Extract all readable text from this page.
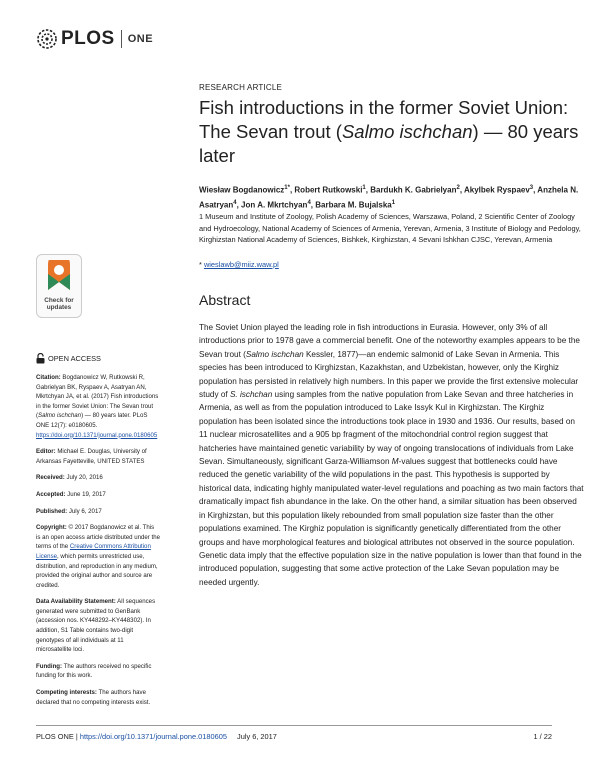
PLOS ONE
RESEARCH ARTICLE
Fish introductions in the former Soviet Union: The Sevan trout (Salmo ischchan) — 80 years later
Wiesław Bogdanowicz$^{1*}$, Robert Rutkowski$^1$, Bardukh K. Gabrielyan$^2$, Akylbek Ryspaev$^3$, Anzhela N. Asatryan$^4$, Jon A. Mkrtchyan$^4$, Barbara M. Bujalska$^1$
1 Museum and Institute of Zoology, Polish Academy of Sciences, Warszawa, Poland, 2 Scientific Center of Zoology and Hydroecology, National Academy of Sciences of Armenia, Yerevan, Armenia, 3 Institute of Biology and Pedology, Kirghizstan National Academy of Sciences, Bishkek, Kirghizstan, 4 Sevani Ishkhan CJSC, Yerevan, Armenia
* wieslawb@miiz.waw.pl
Abstract
The Soviet Union played the leading role in fish introductions in Eurasia. However, only 3% of all introductions prior to 1978 gave a commercial benefit. One of the noteworthy examples appears to be the Sevan trout (Salmo ischchan Kessler, 1877)—an endemic salmonid of Lake Sevan in Armenia. This species has been introduced to Kirghizstan, Kazakhstan, and Uzbekistan, however, only the Kirghiz population has persisted in relatively high numbers. In this paper we provide the first extensive molecular study of S. ischchan using samples from the native population from Lake Sevan and three hatcheries in Armenia, as well as from the population introduced to Lake Issyk Kul in Kirghizstan. The Kirghiz population has been isolated since the introductions took place in 1930 and 1936. Our results, based on 11 nuclear microsatellites and a 905 bp fragment of the mitochondrial control region suggest that hatcheries have maintained genetic variability by way of ongoing translocations of individuals from Lake Sevan. Simultaneously, significant Garza-Williamson M-values suggest that bottlenecks could have reduced the genetic variability of the wild populations in the past. This hypothesis is supported by historical data, indicating highly manipulated water-level regulations and poaching as two main factors that dramatically impact fish abundance in the lake. On the other hand, a similar situation has been observed in Kirghizstan, but this population likely rebounded from small population size faster than the other populations examined. The Kirghiz population is significantly genetically differentiated from the other groups and have morphological features and biological attributes not observed in the source population. Genetic data imply that the effective population size in the native population is lower than that found in the introduced population, suggesting that some active protection of the Lake Sevan population may be needed urgently.
Check for updates
OPEN ACCESS

Citation: Bogdanowicz W, Rutkowski R, Gabrielyan BK, Ryspaev A, Asatryan AN, Mkrtchyan JA, et al. (2017) Fish introductions in the former Soviet Union: The Sevan trout (Salmo ischchan) — 80 years later. PLoS ONE 12(7): e0180605. https://doi.org/10.1371/journal.pone.0180605

Editor: Michael E. Douglas, University of Arkansas Fayetteville, UNITED STATES

Received: July 20, 2016

Accepted: June 19, 2017

Published: July 6, 2017

Copyright: © 2017 Bogdanowicz et al. This is an open access article distributed under the terms of the Creative Commons Attribution License, which permits unrestricted use, distribution, and reproduction in any medium, provided the original author and source are credited.

Data Availability Statement: All sequences generated were submitted to GenBank (accession nos. KY448292–KY448302). In addition, S1 Table contains two-digit genotypes of all individuals at 11 microsatellite loci.

Funding: The authors received no specific funding for this work.

Competing interests: The authors have declared that no competing interests exist.

PLOS ONE | https://doi.org/10.1371/journal.pone.0180605 July 6, 2017	1 / 22
